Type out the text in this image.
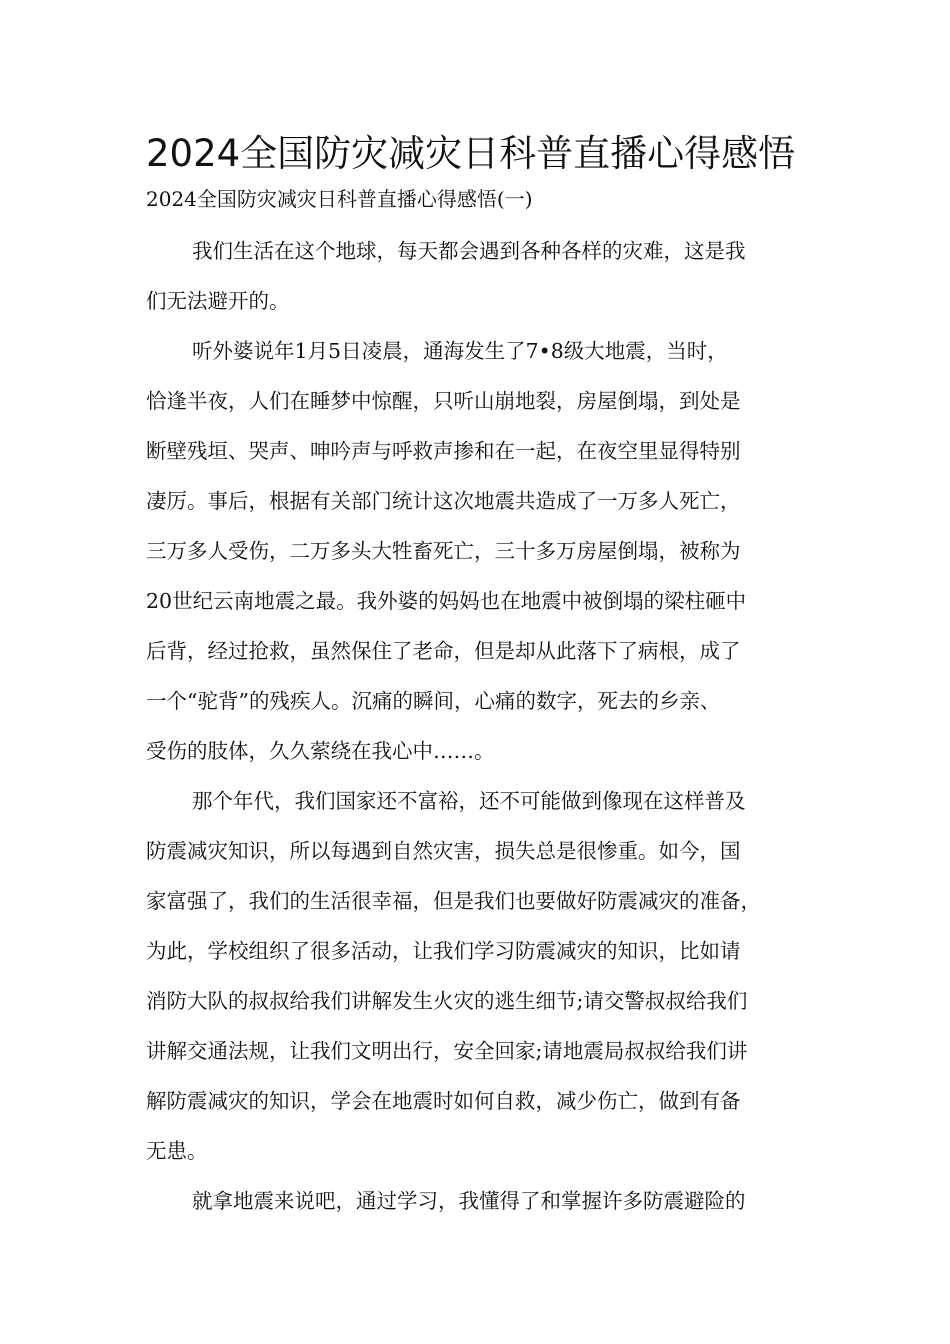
2024全国防灾减灾日科普直播心得感悟
2024全国防灾减灾日科普直播心得感悟(一)
我们生活在这个地球，每天都会遇到各种各样的灾难，这是我
们无法避开的。
听外婆说年1月5日凌晨，通海发生了7•8级大地震，当时，
恰逢半夜，人们在睡梦中惊醒，只听山崩地裂，房屋倒塌，到处是
断壁残垣、哭声、呻吟声与呼救声掺和在一起，在夜空里显得特别
凄厉。事后，根据有关部门统计这次地震共造成了一万多人死亡，
三万多人受伤，二万多头大牲畜死亡，三十多万房屋倒塌，被称为
20世纪云南地震之最。我外婆的妈妈也在地震中被倒塌的梁柱砸中
后背，经过抢救，虽然保住了老命，但是却从此落下了病根，成了
一个“驼背”的残疾人。沉痛的瞬间，心痛的数字，死去的乡亲、
受伤的肢体，久久萦绕在我心中……。
那个年代，我们国家还不富裕，还不可能做到像现在这样普及
防震减灾知识，所以每遇到自然灾害，损失总是很惨重。如今，国
家富强了，我们的生活很幸福，但是我们也要做好防震减灾的准备，
为此，学校组织了很多活动，让我们学习防震减灾的知识，比如请
消防大队的叔叔给我们讲解发生火灾的逃生细节;请交警叔叔给我们
讲解交通法规，让我们文明出行，安全回家;请地震局叔叔给我们讲
解防震减灾的知识，学会在地震时如何自救，减少伤亡，做到有备
无患。
就拿地震来说吧，通过学习，我懂得了和掌握许多防震避险的
